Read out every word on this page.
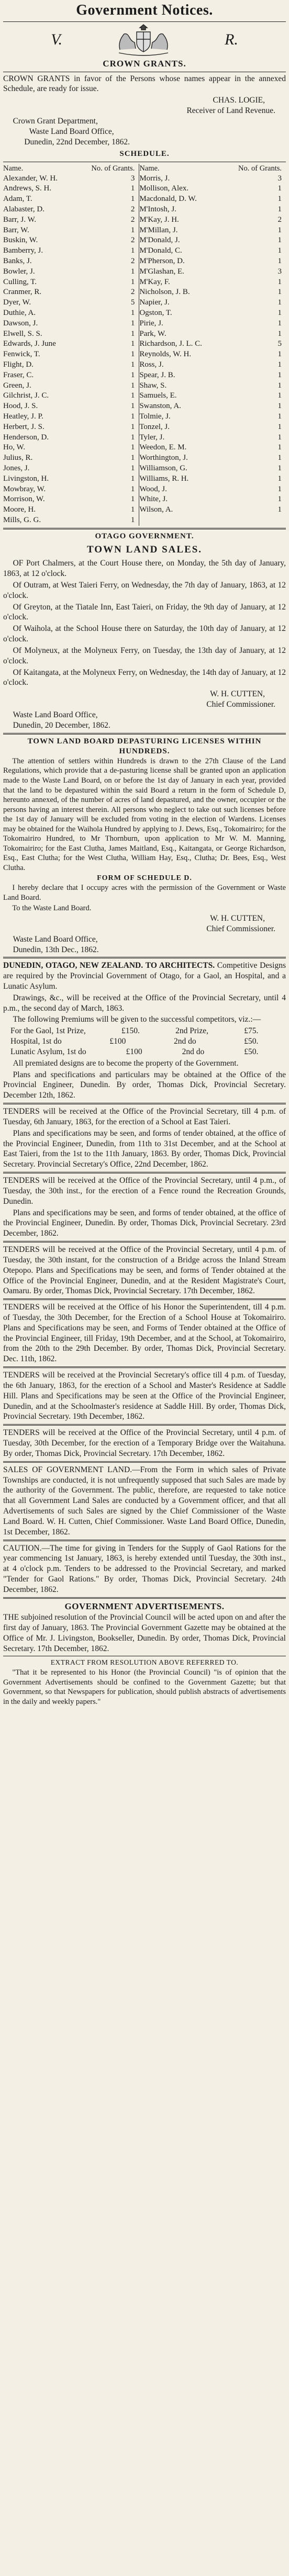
Government Notices.
V.	R.
CROWN GRANTS.

CROWN GRANTS in favor of the Persons whose names appear in the annexed Schedule, are ready for issue.

CHAS. LOGIE,
Receiver of Land Revenue.
Crown Grant Department,
Waste Land Board Office,
Dunedin, 22nd December, 1862.
SCHEDULE.
Name.	No. of Grants.	Name.	No. of Grants.
Alexander, W. H.	3	Morris, J.	3
Andrews, S. H.	1	Mollison, Alex.	1
Adam, T.	1	Macdonald, D. W.	1
Alabaster, D.	2	M'Intosh, J.	1
Barr, J. W.	2	M'Kay, J. H.	2
Barr, W.	1	M'Millan, J.	1
Buskin, W.	2	M'Donald, J.	1
Bamberry, J.	1	M'Donald, C.	1
Banks, J.	2	M'Pherson, D.	1
Bowler, J.	1	M'Glashan, E.	3
Culling, T.	1	M'Kay, F.	1
Cranmer, R.	2	Nicholson, J. B.	1
Dyer, W.	5	Napier, J.	1
Duthie, A.	1	Ogston, T.	1
Dawson, J.	1	Pirie, J.	1
Elwell, S. S.	1	Park, W.	1
Edwards, J. June	1	Richardson, J. L. C.	5
Fenwick, T.	1	Reynolds, W. H.	1
Flight, D.	1	Ross, J.	1
Fraser, C.	1	Spear, J. B.	1
Green, J.	1	Shaw, S.	1
Gilchrist, J. C.	1	Samuels, E.	1
Hood, J. S.	1	Swanston, A.	1
Heatley, J. P.	1	Tolmie, J.	1
Herbert, J. S.	1	Tonzel, J.	1
Henderson, D.	1	Tyler, J.	1
Ho, W.	1	Weedon, E. M.	1
Julius, R.	1	Worthington, J.	1
Jones, J.	1	Williamson, G.	1
Livingston, H.	1	Williams, R. H.	1
Mowbray, W.	1	Wood, J.	1
Morrison, W.	1	White, J.	1
Moore, H.	1	Wilson, A.	1
Mills, G. G.	1		
OTAGO GOVERNMENT.
TOWN LAND SALES.

OF Port Chalmers, at the Court House there, on Monday, the 5th day of January, 1863, at 12 o'clock.

Of Outram, at West Taieri Ferry, on Wednesday, the 7th day of January, 1863, at 12 o'clock.

Of Greyton, at the Tiatale Inn, East Taieri, on Friday, the 9th day of January, at 12 o'clock.

Of Waihola, at the School House there on Saturday, the 10th day of January, at 12 o'clock.

Of Molyneux, at the Molyneux Ferry, on Tuesday, the 13th day of January, at 12 o'clock.

Of Kaitangata, at the Molyneux Ferry, on Wednesday, the 14th day of January, at 12 o'clock.

W. H. CUTTEN,
Chief Commissioner.
Waste Land Board Office,
Dunedin, 20 December, 1862.
TOWN LAND BOARD DEPASTURING LICENSES WITHIN HUNDREDS.

The attention of settlers within Hundreds is drawn to the 27th Clause of the Land Regulations, which provide that a de-pasturing license shall be granted upon an application made to the Waste Land Board, on or before the 1st day of January in each year, provided that the land to be depastured within the said Board a return in the form of Schedule D, hereunto annexed, of the number of acres of land depastured, and the owner, occupier or the persons having an interest therein. All persons who neglect to take out such licenses before the 1st day of January will be excluded from voting in the election of Wardens. Licenses may be obtained for the Waihola Hundred by applying to J. Dews, Esq., Tokomairiro; for the Tokomairiro Hundred, to Mr Thornburn, upon application to Mr W. M. Manning, Tokomairiro; for the East Clutha, James Maitland, Esq., Kaitangata, or George Richardson, Esq., East Clutha; for the West Clutha, William Hay, Esq., Clutha; Dr. Bees, Esq., West Clutha.

FORM OF SCHEDULE D.

I hereby declare that I occupy acres with the permission of the Government or Waste Land Board.

To the Waste Land Board.
W. H. CUTTEN,
Chief Commissioner.
Waste Land Board Office,
Dunedin, 13th Dec., 1862.

DUNEDIN, OTAGO, NEW ZEALAND. TO ARCHITECTS. Competitive Designs are required by the Provincial Government of Otago, for a Gaol, an Hospital, and a Lunatic Asylum.

Drawings, &c., will be received at the Office of the Provincial Secretary, until 4 p.m., the second day of March, 1863.

The following Premiums will be given to the successful competitors, viz.:—

For the Gaol, 1st Prize,	£150.	2nd Prize,	£75.
Hospital, 1st do	£100	2nd do	£50.
Lunatic Asylum, 1st do	£100	2nd do	£50.

All premiated designs are to become the property of the Government.

Plans and specifications and particulars may be obtained at the Office of the Provincial Engineer, Dunedin. By order, Thomas Dick, Provincial Secretary. December 12th, 1862.

TENDERS will be received at the Office of the Provincial Secretary, till 4 p.m. of Tuesday, 6th January, 1863, for the erection of a School at East Taieri.

Plans and specifications may be seen, and forms of tender obtained, at the office of the Provincial Engineer, Dunedin, from 11th to 31st December, and at the School at East Taieri, from the 1st to the 11th January, 1863. By order, Thomas Dick, Provincial Secretary. Provincial Secretary's Office, 22nd December, 1862.

TENDERS will be received at the Office of the Provincial Secretary, until 4 p.m., of Tuesday, the 30th inst., for the erection of a Fence round the Recreation Grounds, Dunedin.

Plans and specifications may be seen, and forms of tender obtained, at the office of the Provincial Engineer, Dunedin. By order, Thomas Dick, Provincial Secretary. 23rd December, 1862.

TENDERS will be received at the Office of the Provincial Secretary, until 4 p.m. of Tuesday, the 30th instant, for the construction of a Bridge across the Inland Stream Otepopo. Plans and Specifications may be seen, and forms of Tender obtained at the Office of the Provincial Engineer, Dunedin, and at the Resident Magistrate's Court, Oamaru. By order, Thomas Dick, Provincial Secretary. 17th December, 1862.

TENDERS will be received at the Office of his Honor the Superintendent, till 4 p.m. of Tuesday, the 30th December, for the Erection of a School House at Tokomairiro. Plans and Specifications may be seen, and Forms of Tender obtained at the Office of the Provincial Engineer, till Friday, 19th December, and at the School, at Tokomairiro, from the 20th to the 29th December. By order, Thomas Dick, Provincial Secretary. Dec. 11th, 1862.

TENDERS will be received at the Provincial Secretary's office till 4 p.m. of Tuesday, the 6th January, 1863, for the erection of a School and Master's Residence at Saddle Hill. Plans and Specifications may be seen at the Office of the Provincial Engineer, Dunedin, and at the Schoolmaster's residence at Saddle Hill. By order, Thomas Dick, Provincial Secretary. 19th December, 1862.

TENDERS will be received at the Office of the Provincial Secretary, until 4 p.m. of Tuesday, 30th December, for the erection of a Temporary Bridge over the Waitahuna. By order, Thomas Dick, Provincial Secretary. 17th December, 1862.

SALES OF GOVERNMENT LAND.—From the Form in which sales of Private Townships are conducted, it is not unfrequently supposed that such Sales are made by the authority of the Government. The public, therefore, are requested to take notice that all Government Land Sales are conducted by a Government officer, and that all Advertisements of such Sales are signed by the Chief Commissioner of the Waste Land Board. W. H. Cutten, Chief Commissioner. Waste Land Board Office, Dunedin, 1st December, 1862.

CAUTION.—The time for giving in Tenders for the Supply of Gaol Rations for the year commencing 1st January, 1863, is hereby extended until Tuesday, the 30th inst., at 4 o'clock p.m. Tenders to be addressed to the Provincial Secretary, and marked "Tender for Gaol Rations." By order, Thomas Dick, Provincial Secretary. 24th December, 1862.

GOVERNMENT ADVERTISEMENTS.

THE subjoined resolution of the Provincial Council will be acted upon on and after the first day of January, 1863. The Provincial Government Gazette may be obtained at the Office of Mr. J. Livingston, Bookseller, Dunedin. By order, Thomas Dick, Provincial Secretary. 17th December, 1862.

EXTRACT FROM RESOLUTION ABOVE REFERRED TO.

"That it be represented to his Honor (the Provincial Council) "is of opinion that the Government Advertisements should be confined to the Government Gazette; but that Government, so that Newspapers for publication, should publish abstracts of advertisements in the daily and weekly papers."
